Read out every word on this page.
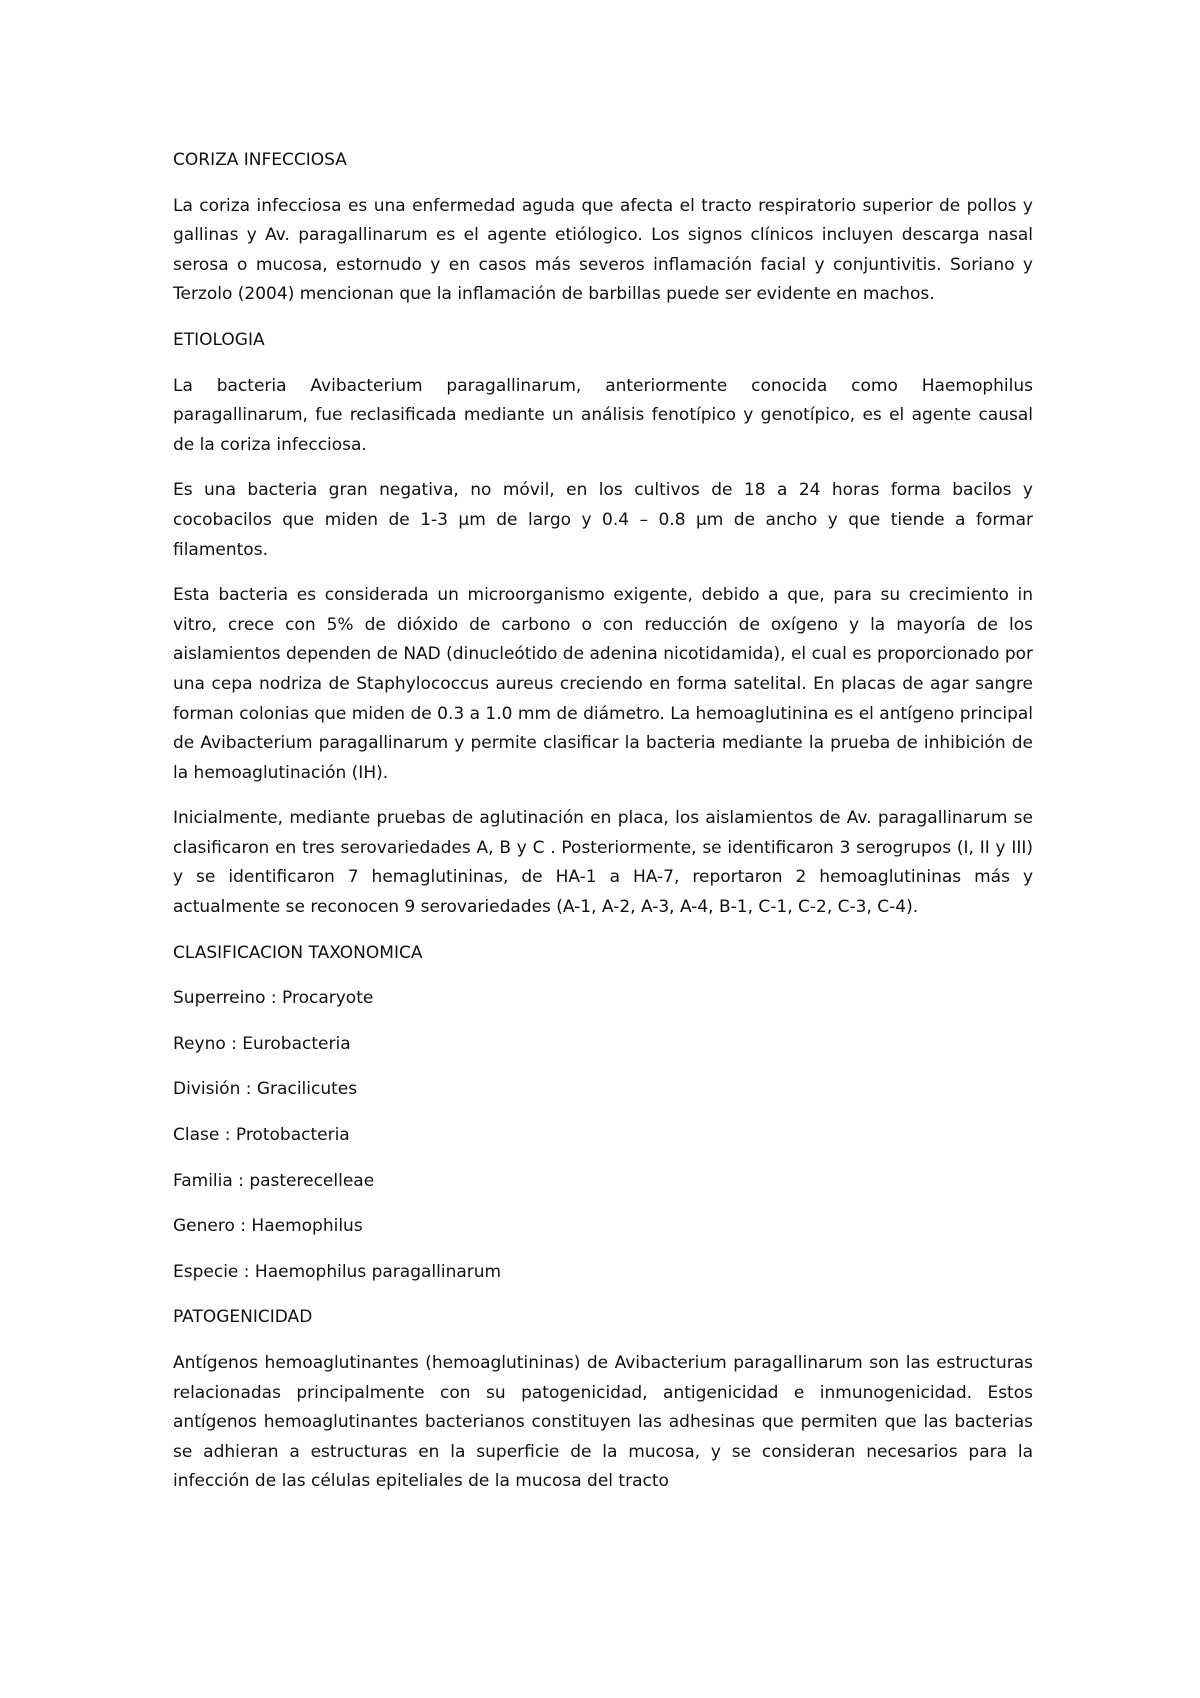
CORIZA INFECCIOSA

La coriza infecciosa es una enfermedad aguda que afecta el tracto respiratorio superior de pollos y gallinas y Av. paragallinarum es el agente etiólogico. Los signos clínicos incluyen descarga nasal serosa o mucosa, estornudo y en casos más severos inflamación facial y conjuntivitis. Soriano y Terzolo (2004) mencionan que la inflamación de barbillas puede ser evidente en machos.

ETIOLOGIA

La bacteria Avibacterium paragallinarum, anteriormente conocida como Haemophilus paragallinarum, fue reclasificada mediante un análisis fenotípico y genotípico, es el agente causal de la coriza infecciosa.

Es una bacteria gran negativa, no móvil, en los cultivos de 18 a 24 horas forma bacilos y cocobacilos que miden de 1-3 µm de largo y 0.4 – 0.8 µm de ancho y que tiende a formar filamentos.

Esta bacteria es considerada un microorganismo exigente, debido a que, para su crecimiento in vitro, crece con 5% de dióxido de carbono o con reducción de oxígeno y la mayoría de los aislamientos dependen de NAD (dinucleótido de adenina nicotidamida), el cual es proporcionado por una cepa nodriza de Staphylococcus aureus creciendo en forma satelital. En placas de agar sangre forman colonias que miden de 0.3 a 1.0 mm de diámetro. La hemoaglutinina es el antígeno principal de Avibacterium paragallinarum y permite clasificar la bacteria mediante la prueba de inhibición de la hemoaglutinación (IH).

Inicialmente, mediante pruebas de aglutinación en placa, los aislamientos de Av. paragallinarum se clasificaron en tres serovariedades A, B y C . Posteriormente, se identificaron 3 serogrupos (I, II y III) y se identificaron 7 hemaglutininas, de HA-1 a HA-7, reportaron 2 hemoaglutininas más y actualmente se reconocen 9 serovariedades (A-1, A-2, A-3, A-4, B-1, C-1, C-2, C-3, C-4).

CLASIFICACION TAXONOMICA

Superreino : Procaryote

Reyno : Eurobacteria

División : Gracilicutes

Clase : Protobacteria

Familia : pasterecelleae

Genero : Haemophilus

Especie : Haemophilus paragallinarum

PATOGENICIDAD

Antígenos hemoaglutinantes (hemoaglutininas) de Avibacterium paragallinarum son las estructuras relacionadas principalmente con su patogenicidad, antigenicidad e inmunogenicidad. Estos antígenos hemoaglutinantes bacterianos constituyen las adhesinas que permiten que las bacterias se adhieran a estructuras en la superficie de la mucosa, y se consideran necesarios para la infección de las células epiteliales de la mucosa del tracto
